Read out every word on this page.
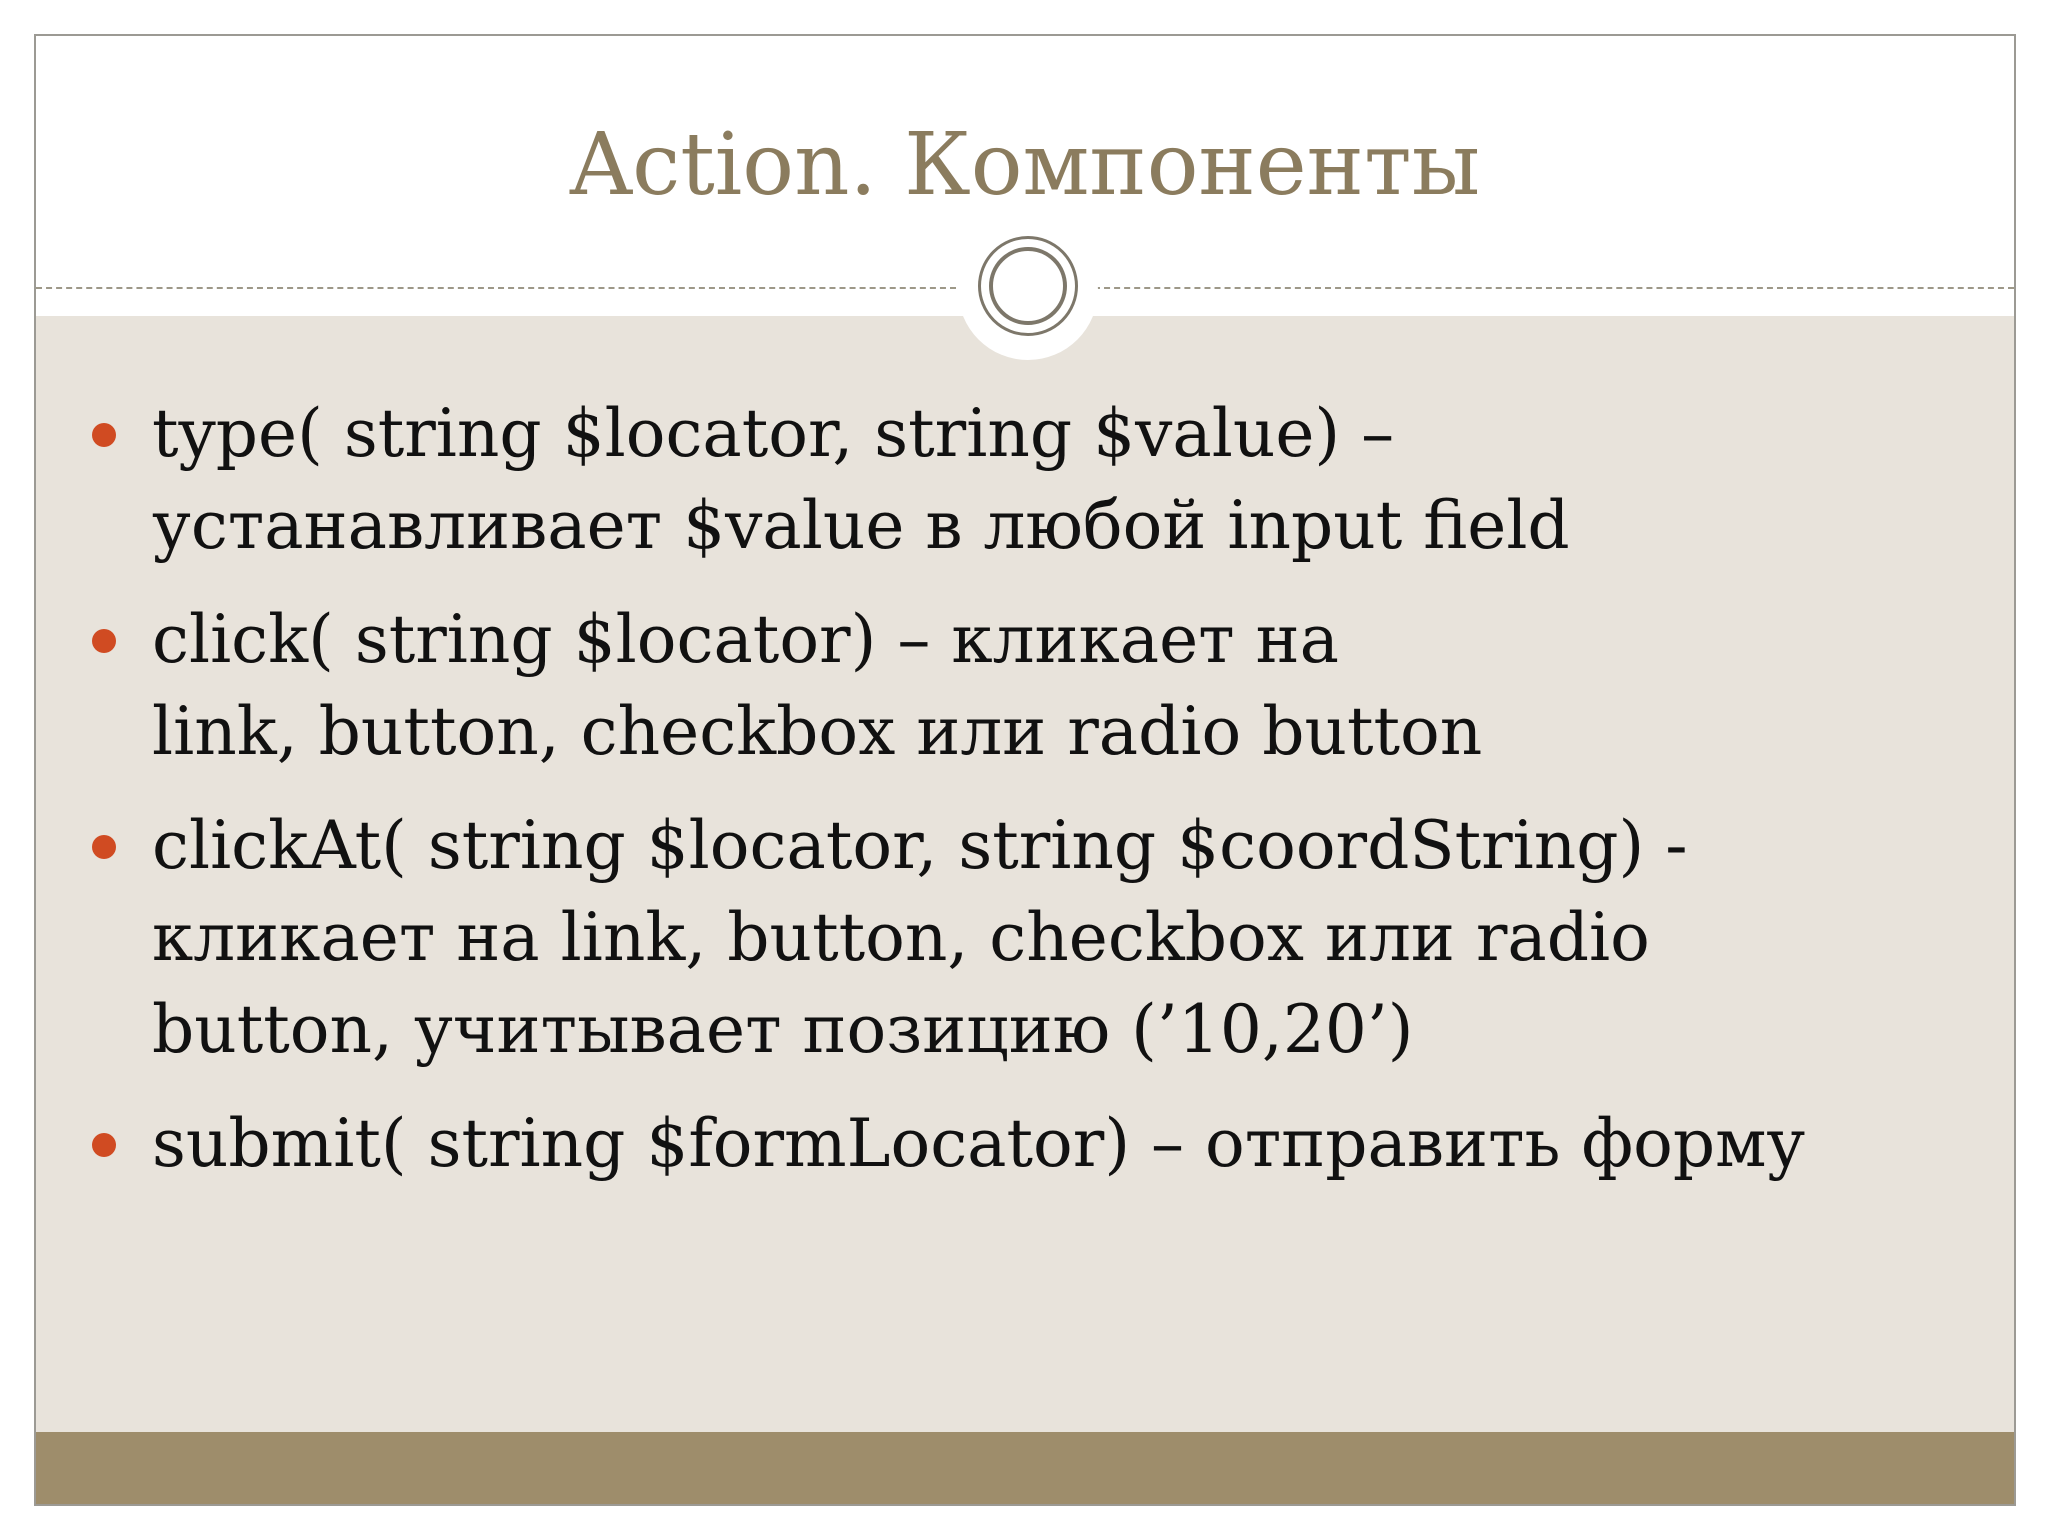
Action. Компоненты
type( string $locator, string $value) –
устанавливает $value в любой input field
click( string $locator) – кликает на
link, button, checkbox или radio button
clickAt( string $locator, string $coordString) -
кликает на link, button, checkbox или radio
button, учитывает позицию (’10,20’)
submit( string $formLocator) – отправить форму
